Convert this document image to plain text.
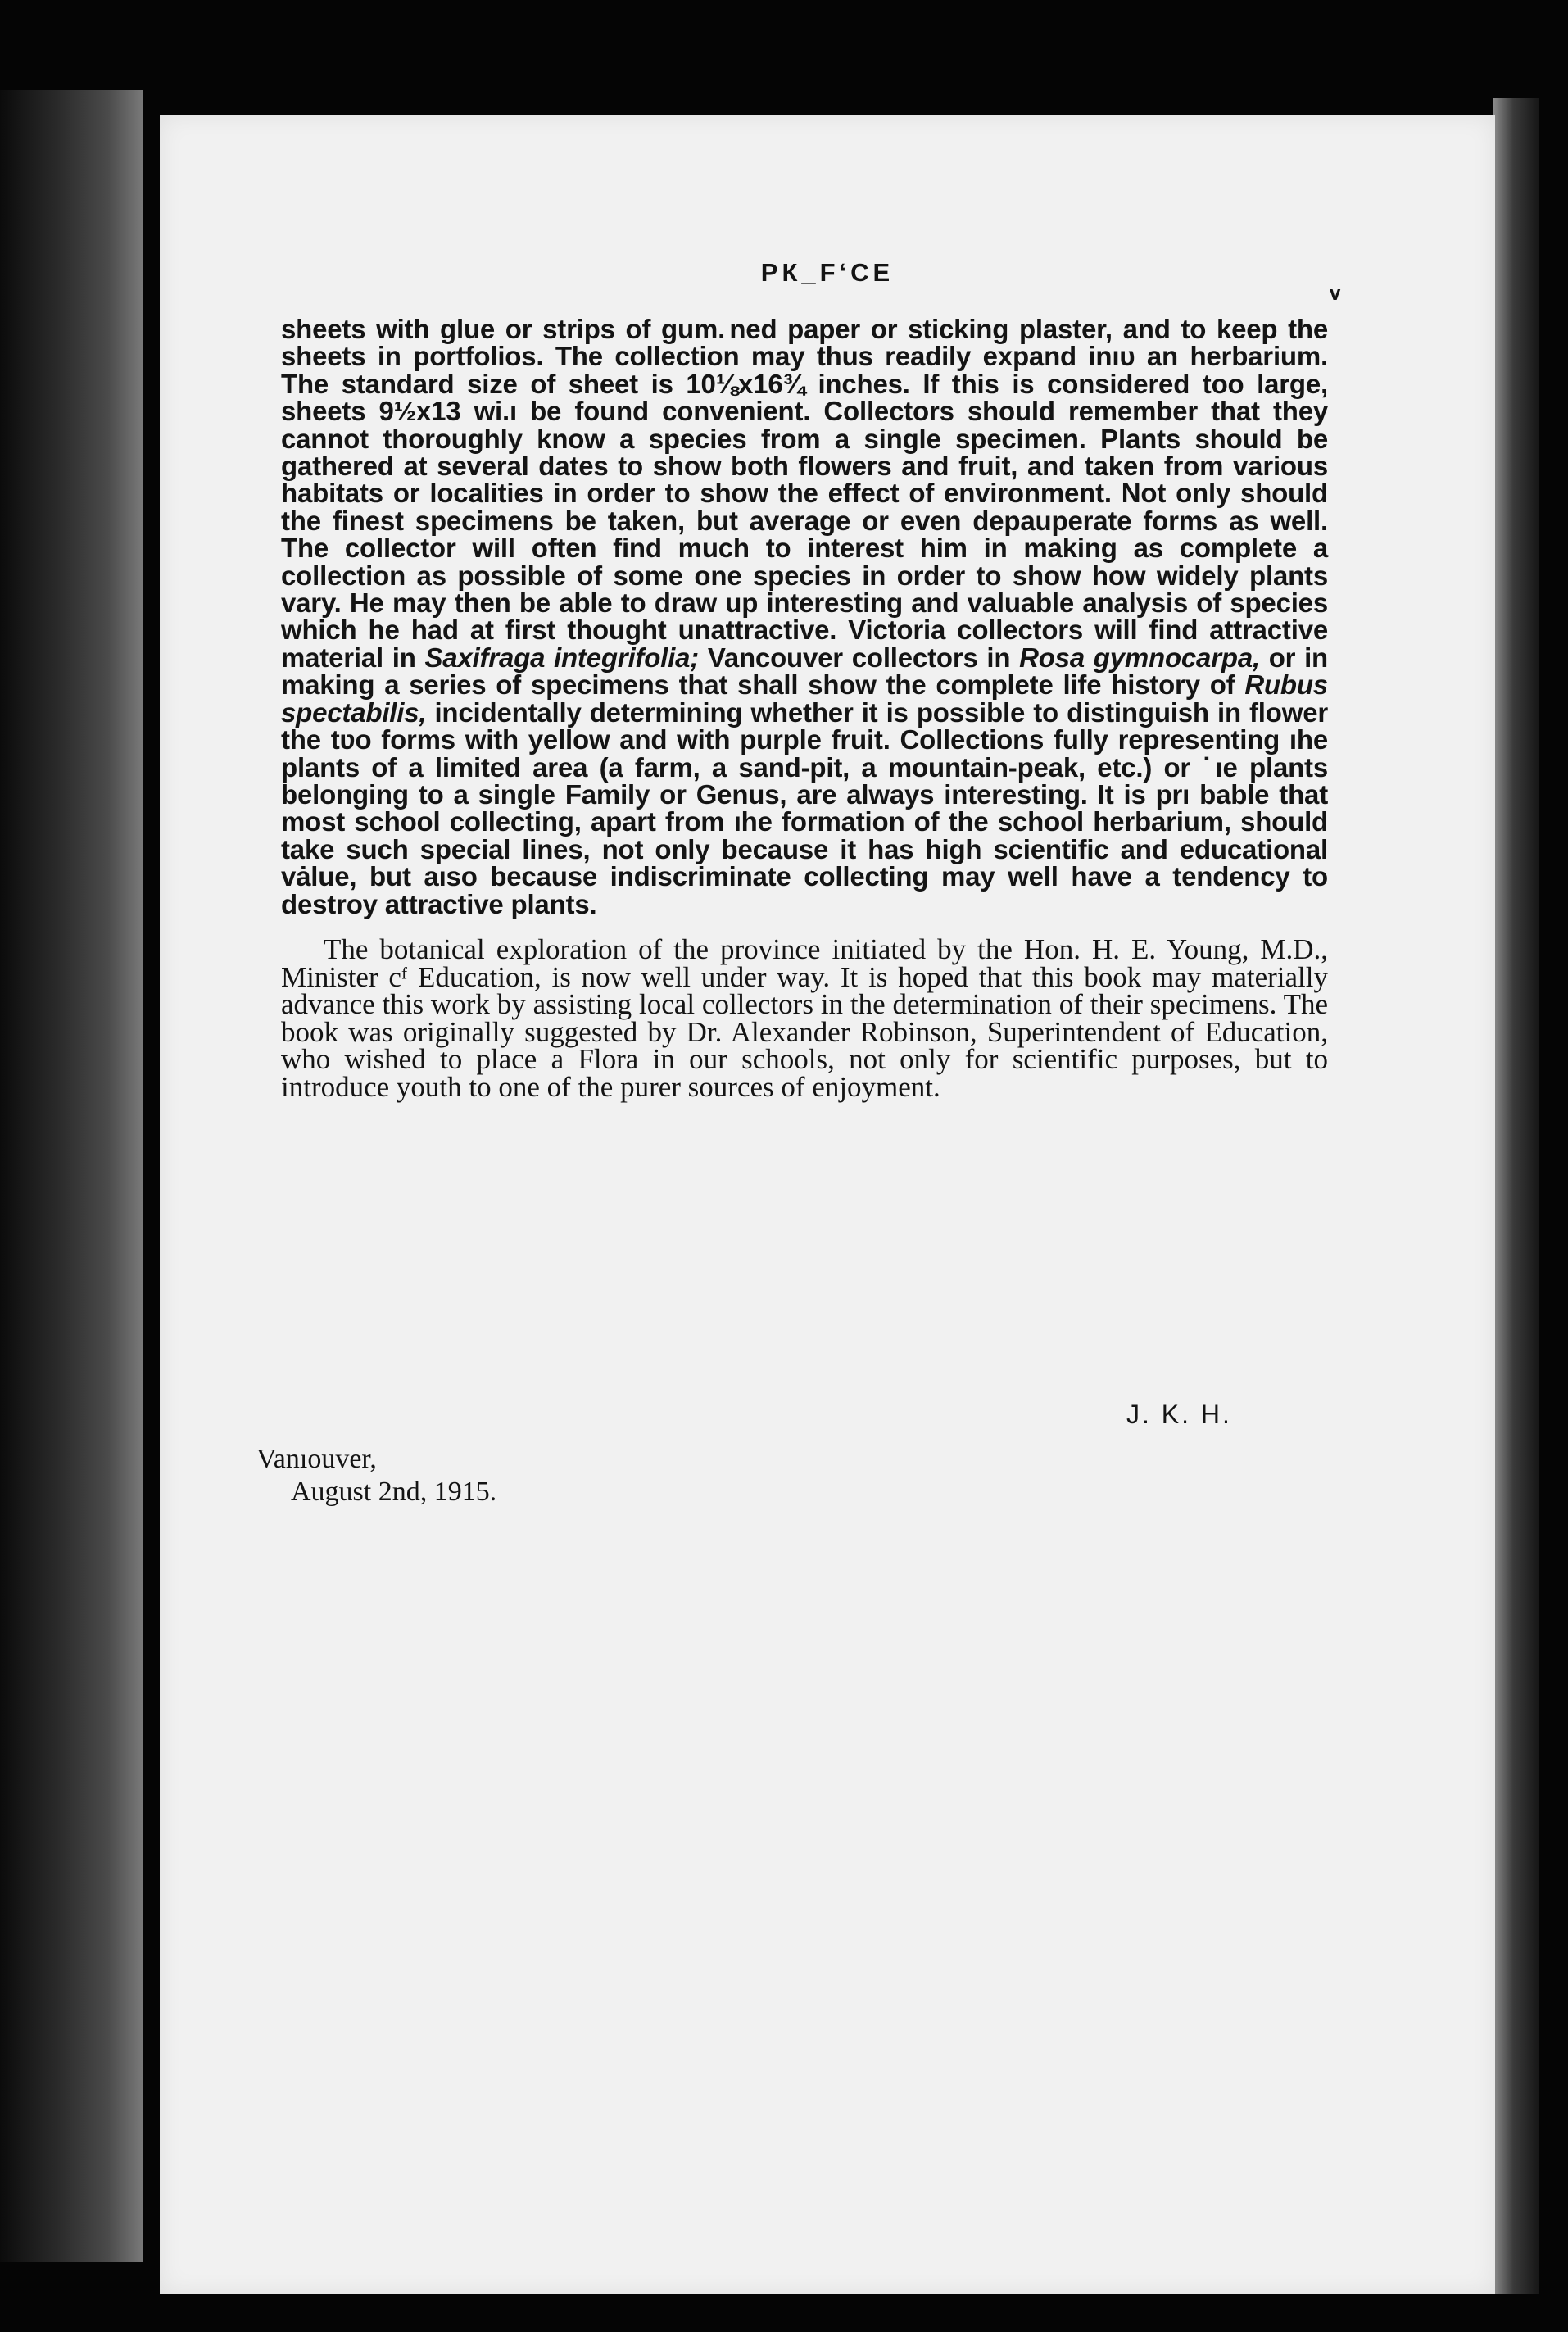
PК_FʻCE
v

sheets with glue or strips of gum. ned paper or sticking plaster, and to keep the sheets in portfolios. The collection may thus readily expand inıυ an herbarium. The standard size of sheet is 10⅛x16¾ inches. If this is considered too large, sheets 9½x13 wi.ı be found convenient. Collectors should remember that they cannot thoroughly know a species from a single specimen. Plants should be gathered at several dates to show both flowers and fruit, and taken from various habitats or localities in order to show the effect of environment. Not only should the finest specimens be taken, but average or even depauperate forms as well. The collector will often find much to interest him in making as complete a collection as possible of some one species in order to show how widely plants vary. He may then be able to draw up interesting and valuable analysis of species which he had at first thought unattractive. Victoria collectors will find attractive material in Saxifraga integrifolia; Vancouver collectors in Rosa gymnocarpa, or in making a series of specimens that shall show the complete life history of Rubus spectabilis, incidentally determining whether it is possible to distinguish in flower the tʋo forms with yellow and with purple fruit. Collections fully representing ıhe plants of a limited area (a farm, a sand-pit, a mountain-peak, etc.) or ˙ıe plants belonging to a single Family or Genus, are always interesting. It is prı bable that most school collecting, apart from ıhe formation of the school herbarium, should take such special lines, not only because it has high scientific and educational vȧlue, but aıso because indiscriminate collecting may well have a tendency to destroy attractive plants.

The botanical exploration of the province initiated by the Hon. H. E. Young, M.D., Minister cᶠ Education, is now well under way. It is hoped that this book may materially advance this work by assisting local collectors in the determination of their specimens. The book was originally suggested by Dr. Alexander Robinson, Superintendent of Education, who wished to place a Flora in our schools, not only for scientific purposes, but to introduce youth to one of the purer sources of enjoyment.

J. K. H.
Vanıouver,
August 2nd, 1915.
